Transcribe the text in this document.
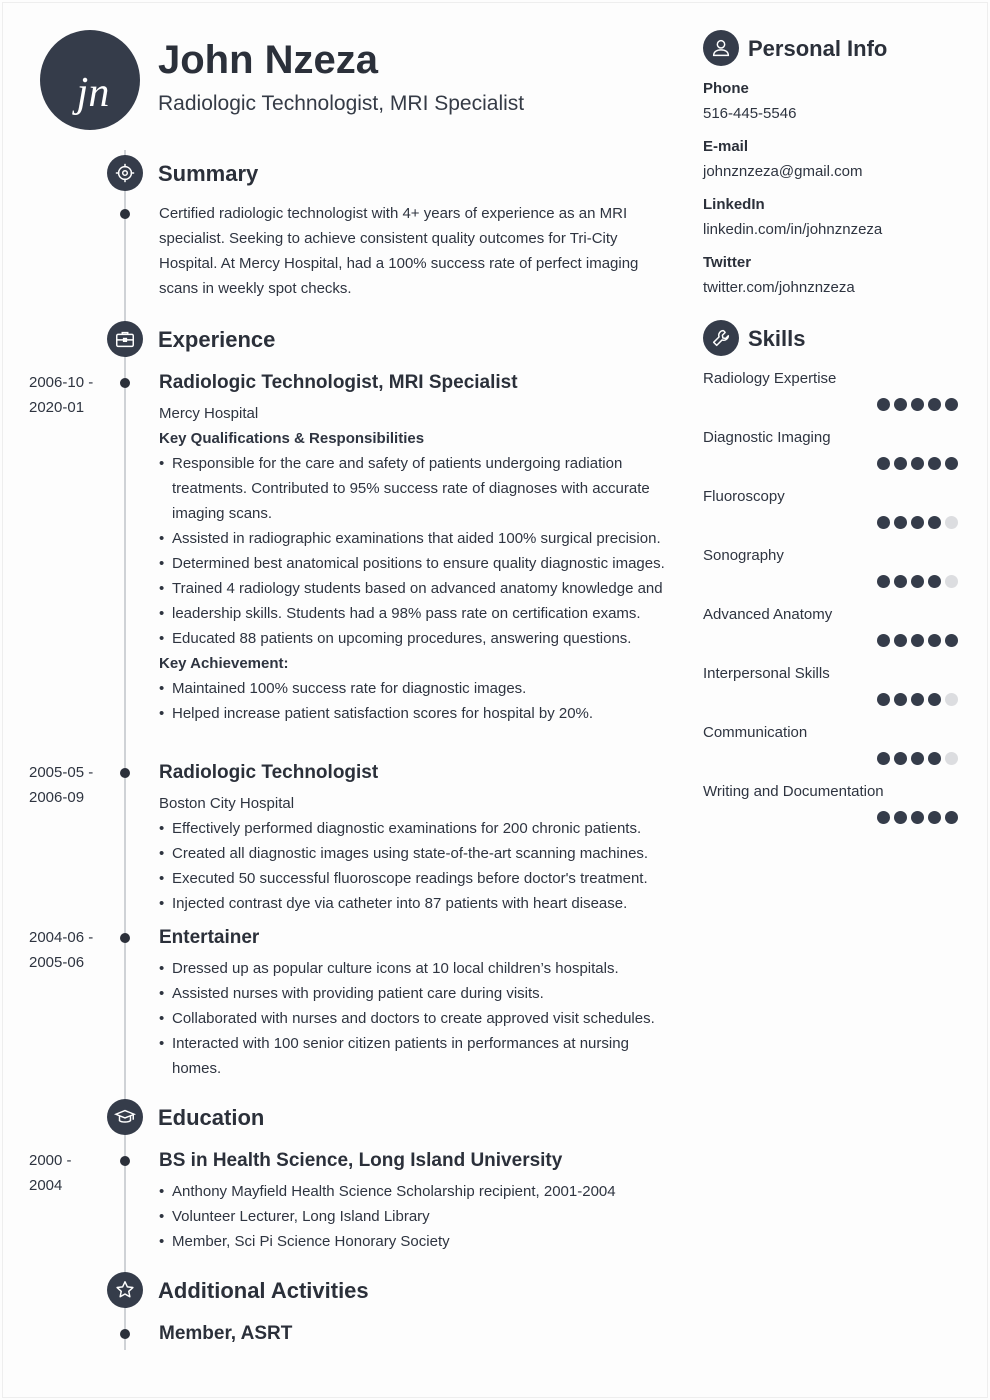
jn
John Nzeza
Radiologic Technologist, MRI Specialist
Summary
Certified radiologic technologist with 4+ years of experience as an MRI specialist. Seeking to achieve consistent quality outcomes for Tri-City Hospital. At Mercy Hospital, had a 100% success rate of perfect imaging scans in weekly spot checks.
Experience
2006-10 -
2020-01
Radiologic Technologist, MRI Specialist
Mercy Hospital
Key Qualifications & Responsibilities
• Responsible for the care and safety of patients undergoing radiation treatments. Contributed to 95% success rate of diagnoses with accurate imaging scans.
• Assisted in radiographic examinations that aided 100% surgical precision.
• Determined best anatomical positions to ensure quality diagnostic images.
• Trained 4 radiology students based on advanced anatomy knowledge and
• leadership skills. Students had a 98% pass rate on certification exams.
• Educated 88 patients on upcoming procedures, answering questions.
Key Achievement:
• Maintained 100% success rate for diagnostic images.
• Helped increase patient satisfaction scores for hospital by 20%.
2005-05 -
2006-09
Radiologic Technologist
Boston City Hospital
• Effectively performed diagnostic examinations for 200 chronic patients.
• Created all diagnostic images using state-of-the-art scanning machines.
• Executed 50 successful fluoroscope readings before doctor's treatment.
• Injected contrast dye via catheter into 87 patients with heart disease.
2004-06 -
2005-06
Entertainer
• Dressed up as popular culture icons at 10 local children’s hospitals.
• Assisted nurses with providing patient care during visits.
• Collaborated with nurses and doctors to create approved visit schedules.
• Interacted with 100 senior citizen patients in performances at nursing homes.
Education
2000 -
2004
BS in Health Science, Long Island University
• Anthony Mayfield Health Science Scholarship recipient, 2001-2004
• Volunteer Lecturer, Long Island Library
• Member, Sci Pi Science Honorary Society
Additional Activities
Member, ASRT
Personal Info
Phone
516-445-5546
E-mail
johnznzeza@gmail.com
LinkedIn
linkedin.com/in/johnznzeza
Twitter
twitter.com/johnznzeza
Skills
Radiology Expertise
Diagnostic Imaging
Fluoroscopy
Sonography
Advanced Anatomy
Interpersonal Skills
Communication
Writing and Documentation
